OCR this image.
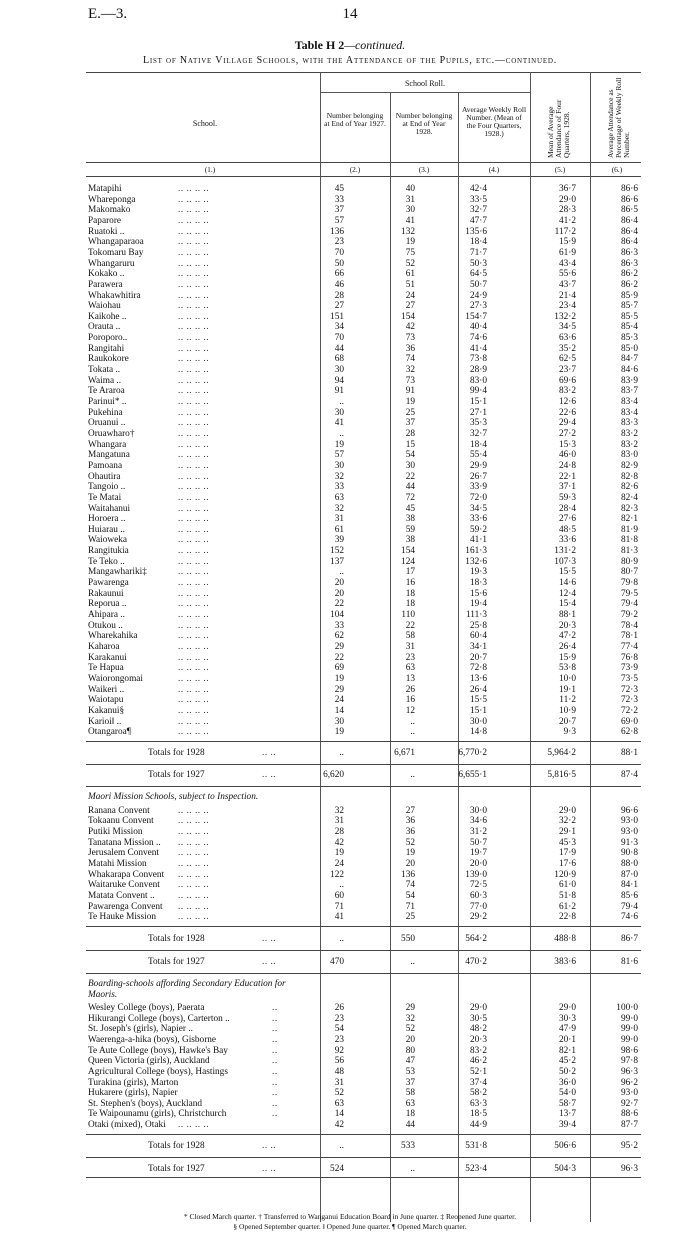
E.—3.	14
Table H 2—continued.
List of Native Village Schools, with the Attendance of the Pupils, etc.—continued.
School.
School Roll.
Number belonging at End of Year 1927.
Number belonging at End of Year 1928.
Average Weekly Roll Number. (Mean of the Four Quarters, 1928.)	Mean of Average Attendance of Four Quarters, 1928.	Average Attendance as Percentage of Weekly Roll Number.
(1.)	(2.)	(3.)	(4.)	(5.)	(6.)
Matapihi	45	40	42·4	36·7	86·6
.. .. .. ..
Whareponga	33	31	33·5	29·0	86·6
.. .. .. ..
Makomako	37	30	32·7	28·3	86·5
.. .. .. ..
Paparore	57	41	47·7	41·2	86·4
.. .. .. ..
Ruatoki ..	136	132	135·6	117·2	86·4
.. .. .. ..
Whangaparaoa	23	19	18·4	15·9	86·4
.. .. .. ..
Tokomaru Bay	70	75	71·7	61·9	86·3
.. .. .. ..
Whangaruru	50	52	50·3	43·4	86·3
.. .. .. ..
Kokako ..	66	61	64·5	55·6	86·2
.. .. .. ..
Parawera	46	51	50·7	43·7	86·2
.. .. .. ..
Whakawhitira	28	24	24·9	21·4	85·9
.. .. .. ..
Waiohau	27	27	27·3	23·4	85·7
.. .. .. ..
Kaikohe ..	151	154	154·7	132·2	85·5
.. .. .. ..
Orauta ..	34	42	40·4	34·5	85·4
.. .. .. ..
Poroporo..	70	73	74·6	63·6	85·3
.. .. .. ..
Rangitahi	44	36	41·4	35·2	85·0
.. .. .. ..
Raukokore	68	74	73·8	62·5	84·7
.. .. .. ..
Tokata ..	30	32	28·9	23·7	84·6
.. .. .. ..
Waima ..	94	73	83·0	69·6	83·9
.. .. .. ..
Te Araroa	91	91	99·4	83·2	83·7
.. .. .. ..
Parinui* ..	..	19	15·1	12·6	83·4
.. .. .. ..
Pukehina	30	25	27·1	22·6	83·4
.. .. .. ..
Oruanui ..	41	37	35·3	29·4	83·3
.. .. .. ..
Oruawharo†	..	28	32·7	27·2	83·2
.. .. .. ..
Whangara	19	15	18·4	15·3	83·2
.. .. .. ..
Mangatuna	57	54	55·4	46·0	83·0
.. .. .. ..
Pamoana	30	30	29·9	24·8	82·9
.. .. .. ..
Ohautira	32	22	26·7	22·1	82·8
.. .. .. ..
Tangoio ..	33	44	33·9	37·1	82·6
.. .. .. ..
Te Matai	63	72	72·0	59·3	82·4
.. .. .. ..
Waitahanui	32	45	34·5	28·4	82·3
.. .. .. ..
Horoera ..	31	38	33·6	27·6	82·1
.. .. .. ..
Huiarau ..	61	59	59·2	48·5	81·9
.. .. .. ..
Waioweka	39	38	41·1	33·6	81·8
.. .. .. ..
Rangitukia	152	154	161·3	131·2	81·3
.. .. .. ..
Te Teko ..	137	124	132·6	107·3	80·9
.. .. .. ..
Mangawhariki‡	..	17	19·3	15·5	80·7
.. .. .. ..
Pawarenga	20	16	18·3	14·6	79·8
.. .. .. ..
Rakaunui	20	18	15·6	12·4	79·5
.. .. .. ..
Reporua ..	22	18	19·4	15·4	79·4
.. .. .. ..
Ahipara ..	104	110	111·3	88·1	79·2
.. .. .. ..
Otukou ..	33	22	25·8	20·3	78·4
.. .. .. ..
Wharekahika	62	58	60·4	47·2	78·1
.. .. .. ..
Kaharoa	29	31	34·1	26·4	77·4
.. .. .. ..
Karakanui	22	23	20·7	15·9	76·8
.. .. .. ..
Te Hapua	69	63	72·8	53·8	73·9
.. .. .. ..
Waiorongomai	19	13	13·6	10·0	73·5
.. .. .. ..
Waikeri ..	29	26	26·4	19·1	72·3
.. .. .. ..
Waiotapu	24	16	15·5	11·2	72·3
.. .. .. ..
Kakanui§	14	12	15·1	10·9	72·2
.. .. .. ..
Karioi‖ ..	30	..	30·0	20·7	69·0
.. .. .. ..
Otangaroa¶	19	..	14·8	9·3	62·8
.. .. .. ..
Totals for 1928	..	6,671	6,770·2	5,964·2	88·1
.. ..
Totals for 1927	6,620	..	6,655·1	5,816·5	87·4
.. ..
Maori Mission Schools, subject to Inspection.
Ranana Convent	32	27	30·0	29·0	96·6
.. .. .. ..
Tokaanu Convent	31	36	34·6	32·2	93·0
.. .. .. ..
Putiki Mission	28	36	31·2	29·1	93·0
.. .. .. ..
Tanatana Mission ..	42	52	50·7	45·3	91·3
.. .. .. ..
Jerusalem Convent	19	19	19·7	17·9	90·8
.. .. .. ..
Matahi Mission	24	20	20·0	17·6	88·0
.. .. .. ..
Whakarapa Convent	122	136	139·0	120·9	87·0
.. .. .. ..
Waitaruke Convent	..	74	72·5	61·0	84·1
.. .. .. ..
Matata Convent ..	60	54	60·3	51·8	85·6
.. .. .. ..
Pawarenga Convent	71	71	77·0	61·2	79·4
.. .. .. ..
Te Hauke Mission	41	25	29·2	22·8	74·6
.. .. .. ..
Totals for 1928	..	550	564·2	488·8	86·7
.. ..
Totals for 1927	470	..	470·2	383·6	81·6
.. ..
Boarding-schools affording Secondary Education for Maoris.
Wesley College (boys), Paerata	26	29	29·0	29·0	100·0
..
Hikurangi College (boys), Carterton ..	23	32	30·5	30·3	99·0
..
St. Joseph's (girls), Napier ..	54	52	48·2	47·9	99·0
..
Waerenga-a-hika (boys), Gisborne	23	20	20·3	20·1	99·0
..
Te Aute College (boys), Hawke's Bay	92	80	83·2	82·1	98·6
..
Queen Victoria (girls), Auckland	56	47	46·2	45·2	97·8
..
Agricultural College (boys), Hastings	48	53	52·1	50·2	96·3
..
Turakina (girls), Marton	31	37	37·4	36·0	96·2
..
Hukarere (girls), Napier	52	58	58·2	54·0	93·0
..
St. Stephen's (boys), Auckland	63	63	63·3	58·7	92·7
..
Te Waipounamu (girls), Christchurch	14	18	18·5	13·7	88·6
..
Otaki (mixed), Otaki	42	44	44·9	39·4	87·7
.. .. .. ..
Totals for 1928	..	533	531·8	506·6	95·2
.. ..
Totals for 1927	524	..	523·4	504·3	96·3
.. ..
* Closed March quarter. † Transferred to Wanganui Education Board in June quarter. ‡ Reopened June quarter.
§ Opened September quarter. ‖ Opened June quarter. ¶ Opened March quarter.
